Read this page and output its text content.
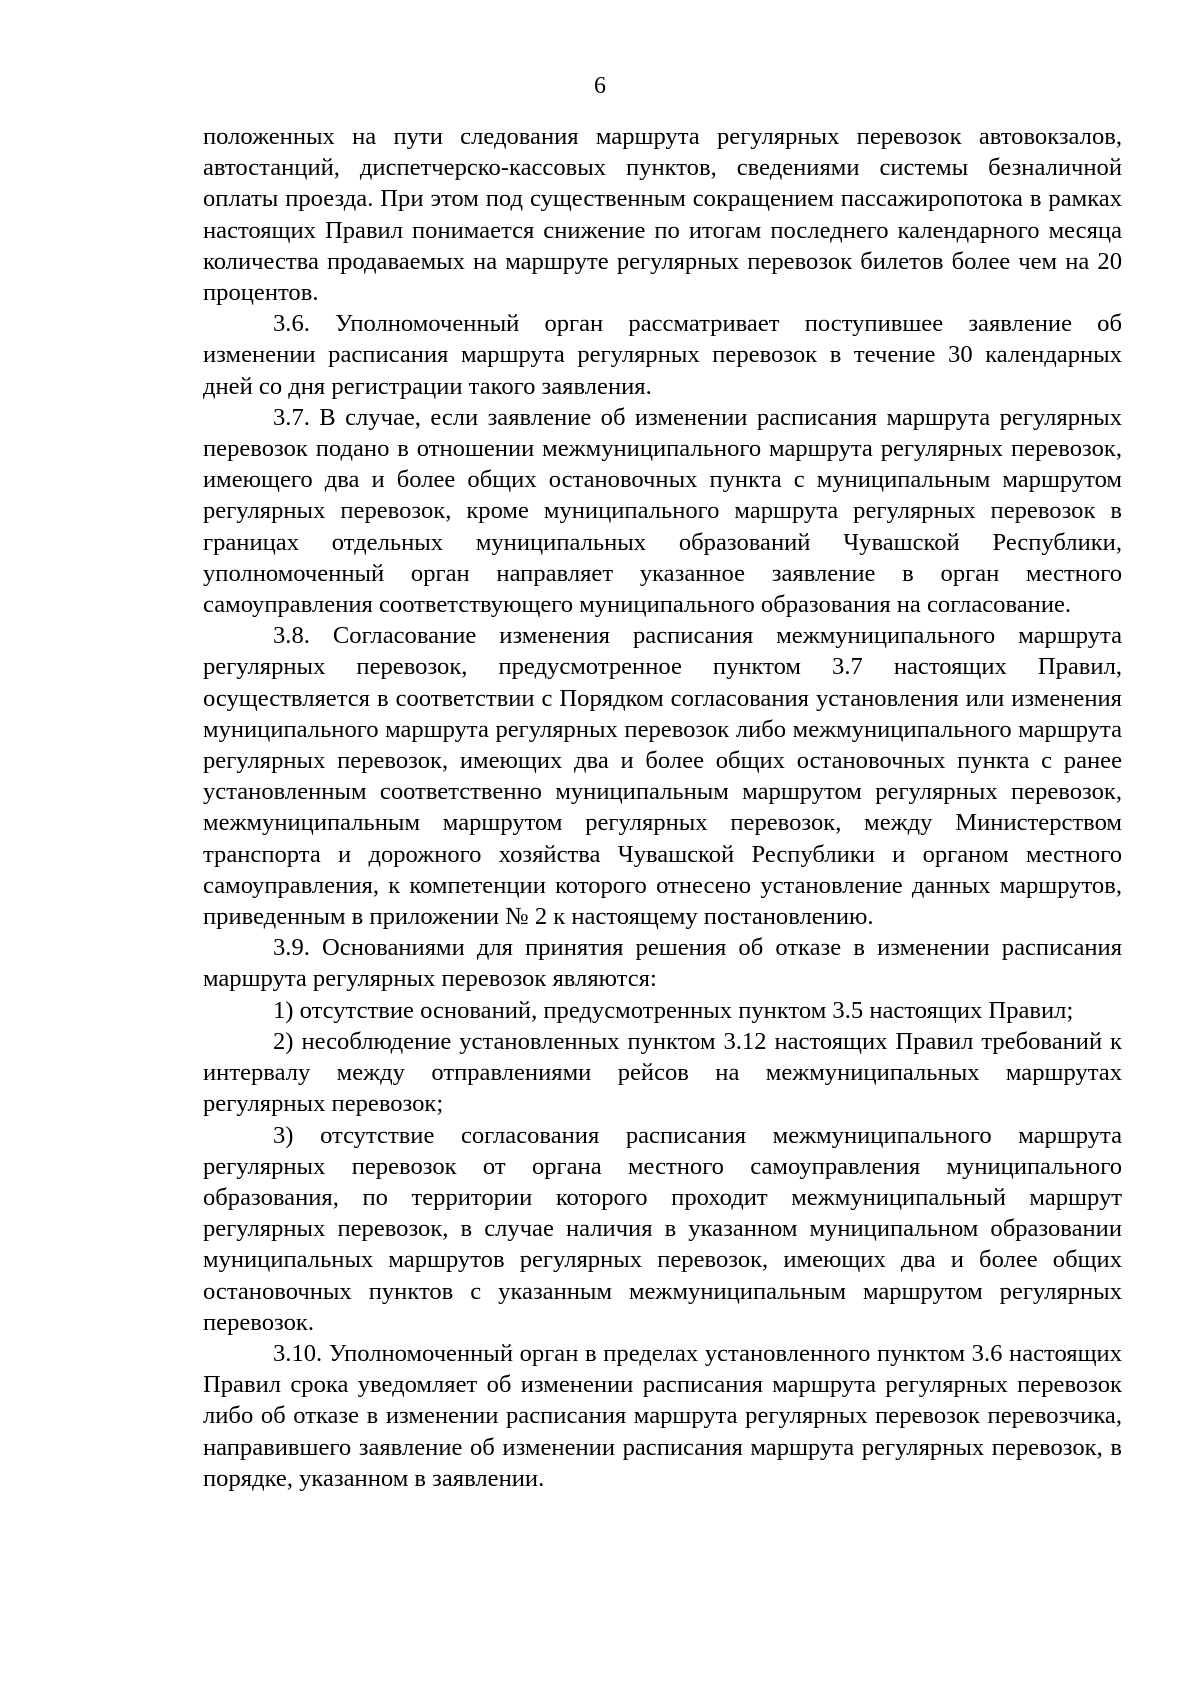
6

положенных на пути следования маршрута регулярных перевозок автовокзалов, автостанций, диспетчерско-кассовых пунктов, сведениями системы безналичной оплаты проезда. При этом под существенным сокращением пассажиропотока в рамках настоящих Правил понимается снижение по итогам последнего календарного месяца количества продаваемых на маршруте регулярных перевозок билетов более чем на 20 процентов.

3.6. Уполномоченный орган рассматривает поступившее заявление об изменении расписания маршрута регулярных перевозок в течение 30 календарных дней со дня регистрации такого заявления.

3.7. В случае, если заявление об изменении расписания маршрута регулярных перевозок подано в отношении межмуниципального маршрута регулярных перевозок, имеющего два и более общих остановочных пункта с муниципальным маршрутом регулярных перевозок, кроме муниципального маршрута регулярных перевозок в границах отдельных муниципальных образований Чувашской Республики, уполномоченный орган направляет указанное заявление в орган местного самоуправления соответствующего муниципального образования на согласование.

3.8. Согласование изменения расписания межмуниципального маршрута регулярных перевозок, предусмотренное пунктом 3.7 настоящих Правил, осуществляется в соответствии с Порядком согласования установления или изменения муниципального маршрута регулярных перевозок либо межмуниципального маршрута регулярных перевозок, имеющих два и более общих остановочных пункта с ранее установленным соответственно муниципальным маршрутом регулярных перевозок, межмуниципальным маршрутом регулярных перевозок, между Министерством транспорта и дорожного хозяйства Чувашской Республики и органом местного самоуправления, к компетенции которого отнесено установление данных маршрутов, приведенным в приложении № 2 к настоящему постановлению.

3.9. Основаниями для принятия решения об отказе в изменении расписания маршрута регулярных перевозок являются:

1) отсутствие оснований, предусмотренных пунктом 3.5 настоящих Правил;

2) несоблюдение установленных пунктом 3.12 настоящих Правил требований к интервалу между отправлениями рейсов на межмуниципальных маршрутах регулярных перевозок;

3) отсутствие согласования расписания межмуниципального маршрута регулярных перевозок от органа местного самоуправления муниципального образования, по территории которого проходит межмуниципальный маршрут регулярных перевозок, в случае наличия в указанном муниципальном образовании муниципальных маршрутов регулярных перевозок, имеющих два и более общих остановочных пунктов с указанным межмуниципальным маршрутом регулярных перевозок.

3.10. Уполномоченный орган в пределах установленного пунктом 3.6 настоящих Правил срока уведомляет об изменении расписания маршрута регулярных перевозок либо об отказе в изменении расписания маршрута регулярных перевозок перевозчика, направившего заявление об изменении расписания маршрута регулярных перевозок, в порядке, указанном в заявлении.
